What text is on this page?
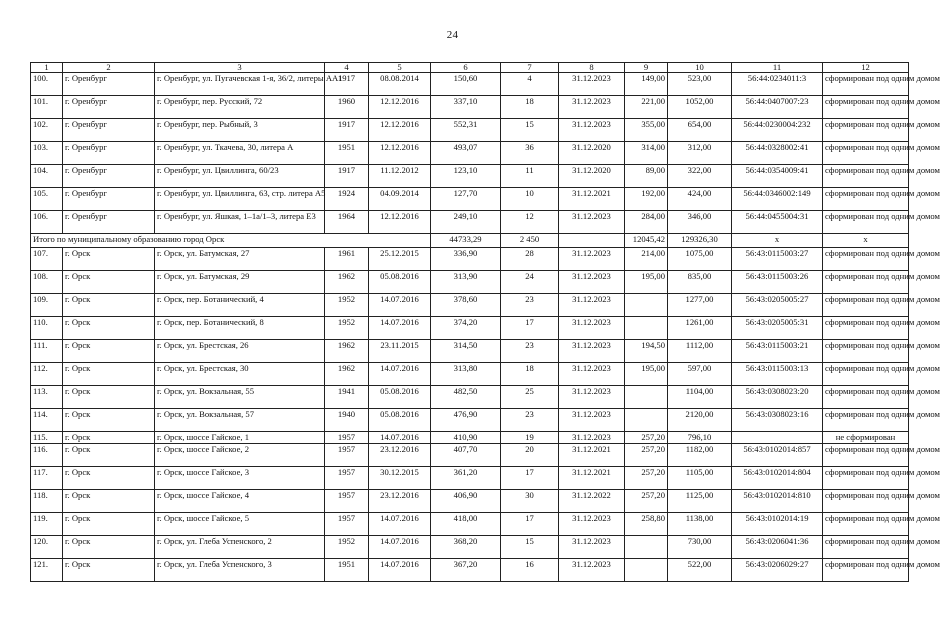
24
1	2	3	4	5	6	7	8	9	10	11	12
100.	г. Оренбург	г. Оренбург, ул. Пугачевская 1-я, 36/2, литеры АА1	1917	08.08.2014	150,60	4	31.12.2023	149,00	523,00	56:44:0234011:3	сформирован под одним домом
101.	г. Оренбург	г. Оренбург, пер. Русский, 72	1960	12.12.2016	337,10	18	31.12.2023	221,00	1052,00	56:44:0407007:23	сформирован под одним домом
102.	г. Оренбург	г. Оренбург, пер. Рыбный, 3	1917	12.12.2016	552,31	15	31.12.2023	355,00	654,00	56:44:0230004:232	сформирован под одним домом
103.	г. Оренбург	г. Оренбург, ул. Ткачева, 30, литера А	1951	12.12.2016	493,07	36	31.12.2020	314,00	312,00	56:44:0328002:41	сформирован под одним домом
104.	г. Оренбург	г. Оренбург, ул. Цвиллинга, 60/23	1917	11.12.2012	123,10	11	31.12.2020	89,00	322,00	56:44:0354009:41	сформирован под одним домом
105.	г. Оренбург	г. Оренбург, ул. Цвиллинга, 63, стр. литера А5	1924	04.09.2014	127,70	10	31.12.2021	192,00	424,00	56:44:0346002:149	сформирован под одним домом
106.	г. Оренбург	г. Оренбург, ул. Яшкая, 1–1а/1–3, литера Е3	1964	12.12.2016	249,10	12	31.12.2023	284,00	346,00	56:44:0455004:31	сформирован под одним домом
Итого по муниципальному образованию город Орск					44733,29	2 450		12045,42	129326,30	х	х
107.	г. Орск	г. Орск, ул. Батумская, 27	1961	25.12.2015	336,90	28	31.12.2023	214,00	1075,00	56:43:0115003:27	сформирован под одним домом
108.	г. Орск	г. Орск, ул. Батумская, 29	1962	05.08.2016	313,90	24	31.12.2023	195,00	835,00	56:43:0115003:26	сформирован под одним домом
109.	г. Орск	г. Орск, пер. Ботанический, 4	1952	14.07.2016	378,60	23	31.12.2023		1277,00	56:43:0205005:27	сформирован под одним домом
110.	г. Орск	г. Орск, пер. Ботанический, 8	1952	14.07.2016	374,20	17	31.12.2023		1261,00	56:43:0205005:31	сформирован под одним домом
111.	г. Орск	г. Орск, ул. Брестская, 26	1962	23.11.2015	314,50	23	31.12.2023	194,50	1112,00	56:43:0115003:21	сформирован под одним домом
112.	г. Орск	г. Орск, ул. Брестская, 30	1962	14.07.2016	313,80	18	31.12.2023	195,00	597,00	56:43:0115003:13	сформирован под одним домом
113.	г. Орск	г. Орск, ул. Вокзальная, 55	1941	05.08.2016	482,50	25	31.12.2023		1104,00	56:43:0308023:20	сформирован под одним домом
114.	г. Орск	г. Орск, ул. Вокзальная, 57	1940	05.08.2016	476,90	23	31.12.2023		2120,00	56:43:0308023:16	сформирован под одним домом
115.	г. Орск	г. Орск, шоссе Гайское, 1	1957	14.07.2016	410,90	19	31.12.2023	257,20	796,10		не сформирован
116.	г. Орск	г. Орск, шоссе Гайское, 2	1957	23.12.2016	407,70	20	31.12.2021	257,20	1182,00	56:43:0102014:857	сформирован под одним домом
117.	г. Орск	г. Орск, шоссе Гайское, 3	1957	30.12.2015	361,20	17	31.12.2021	257,20	1105,00	56:43:0102014:804	сформирован под одним домом
118.	г. Орск	г. Орск, шоссе Гайское, 4	1957	23.12.2016	406,90	30	31.12.2022	257,20	1125,00	56:43:0102014:810	сформирован под одним домом
119.	г. Орск	г. Орск, шоссе Гайское, 5	1957	14.07.2016	418,00	17	31.12.2023	258,80	1138,00	56:43:0102014:19	сформирован под одним домом
120.	г. Орск	г. Орск, ул. Глеба Успенского, 2	1952	14.07.2016	368,20	15	31.12.2023		730,00	56:43:0206041:36	сформирован под одним домом
121.	г. Орск	г. Орск, ул. Глеба Успенского, 3	1951	14.07.2016	367,20	16	31.12.2023		522,00	56:43:0206029:27	сформирован под одним домом
